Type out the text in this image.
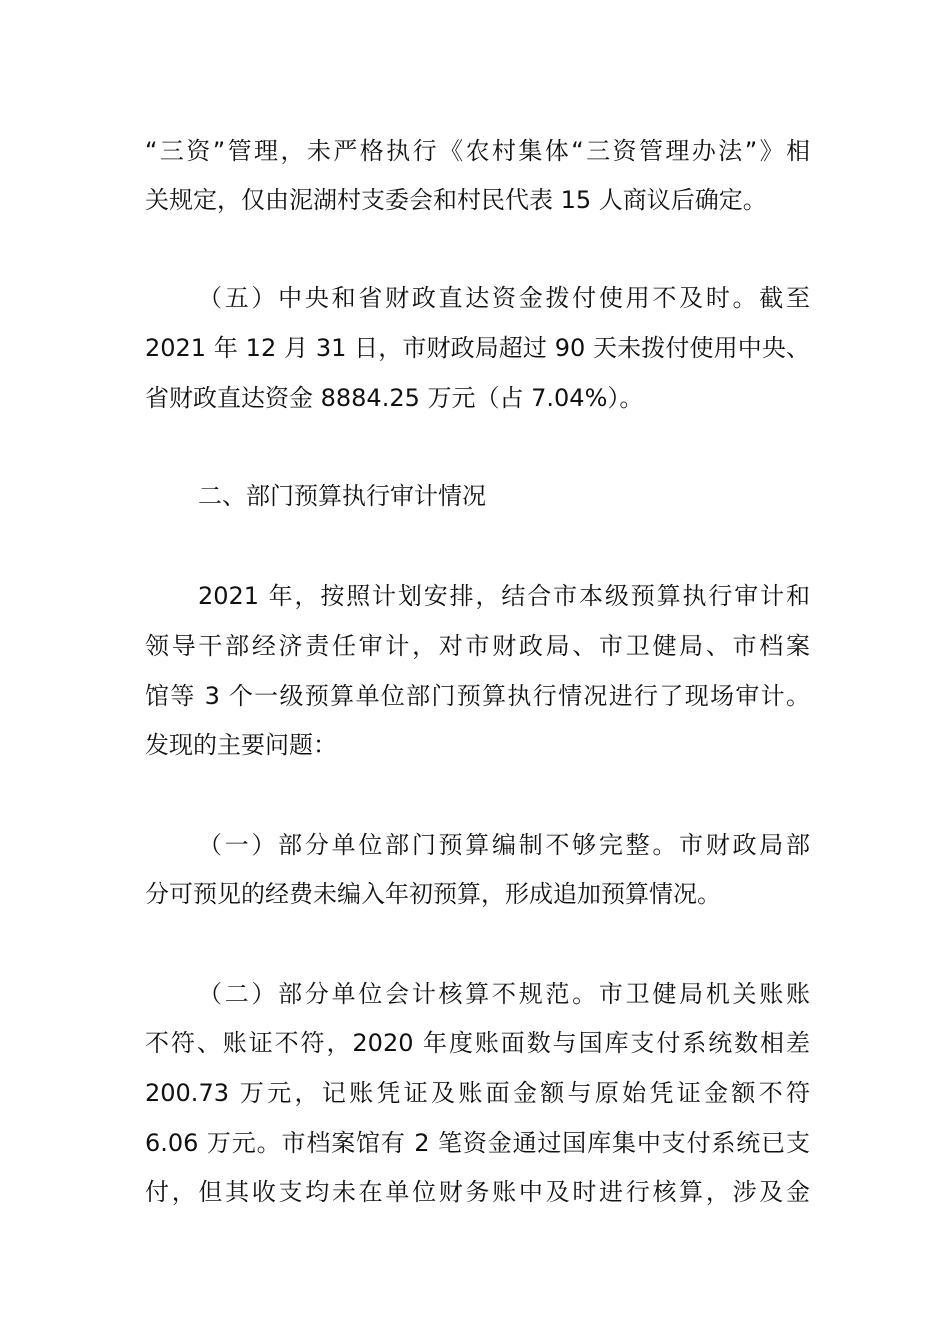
“三资”管理，未严格执行《农村集体“三资管理办法”》相
关规定，仅由泥湖村支委会和村民代表 15 人商议后确定。
（五）中央和省财政直达资金拨付使用不及时。截至
2021 年 12 月 31 日，市财政局超过 90 天未拨付使用中央、
省财政直达资金 8884.25 万元（占 7.04%）。
二、部门预算执行审计情况
2021 年，按照计划安排，结合市本级预算执行审计和
领导干部经济责任审计，对市财政局、市卫健局、市档案
馆等 3 个一级预算单位部门预算执行情况进行了现场审计。
发现的主要问题：
（一）部分单位部门预算编制不够完整。市财政局部
分可预见的经费未编入年初预算，形成追加预算情况。
（二）部分单位会计核算不规范。市卫健局机关账账
不符、账证不符，2020 年度账面数与国库支付系统数相差
200.73 万元，记账凭证及账面金额与原始凭证金额不符
6.06 万元。市档案馆有 2 笔资金通过国库集中支付系统已支
付，但其收支均未在单位财务账中及时进行核算，涉及金
